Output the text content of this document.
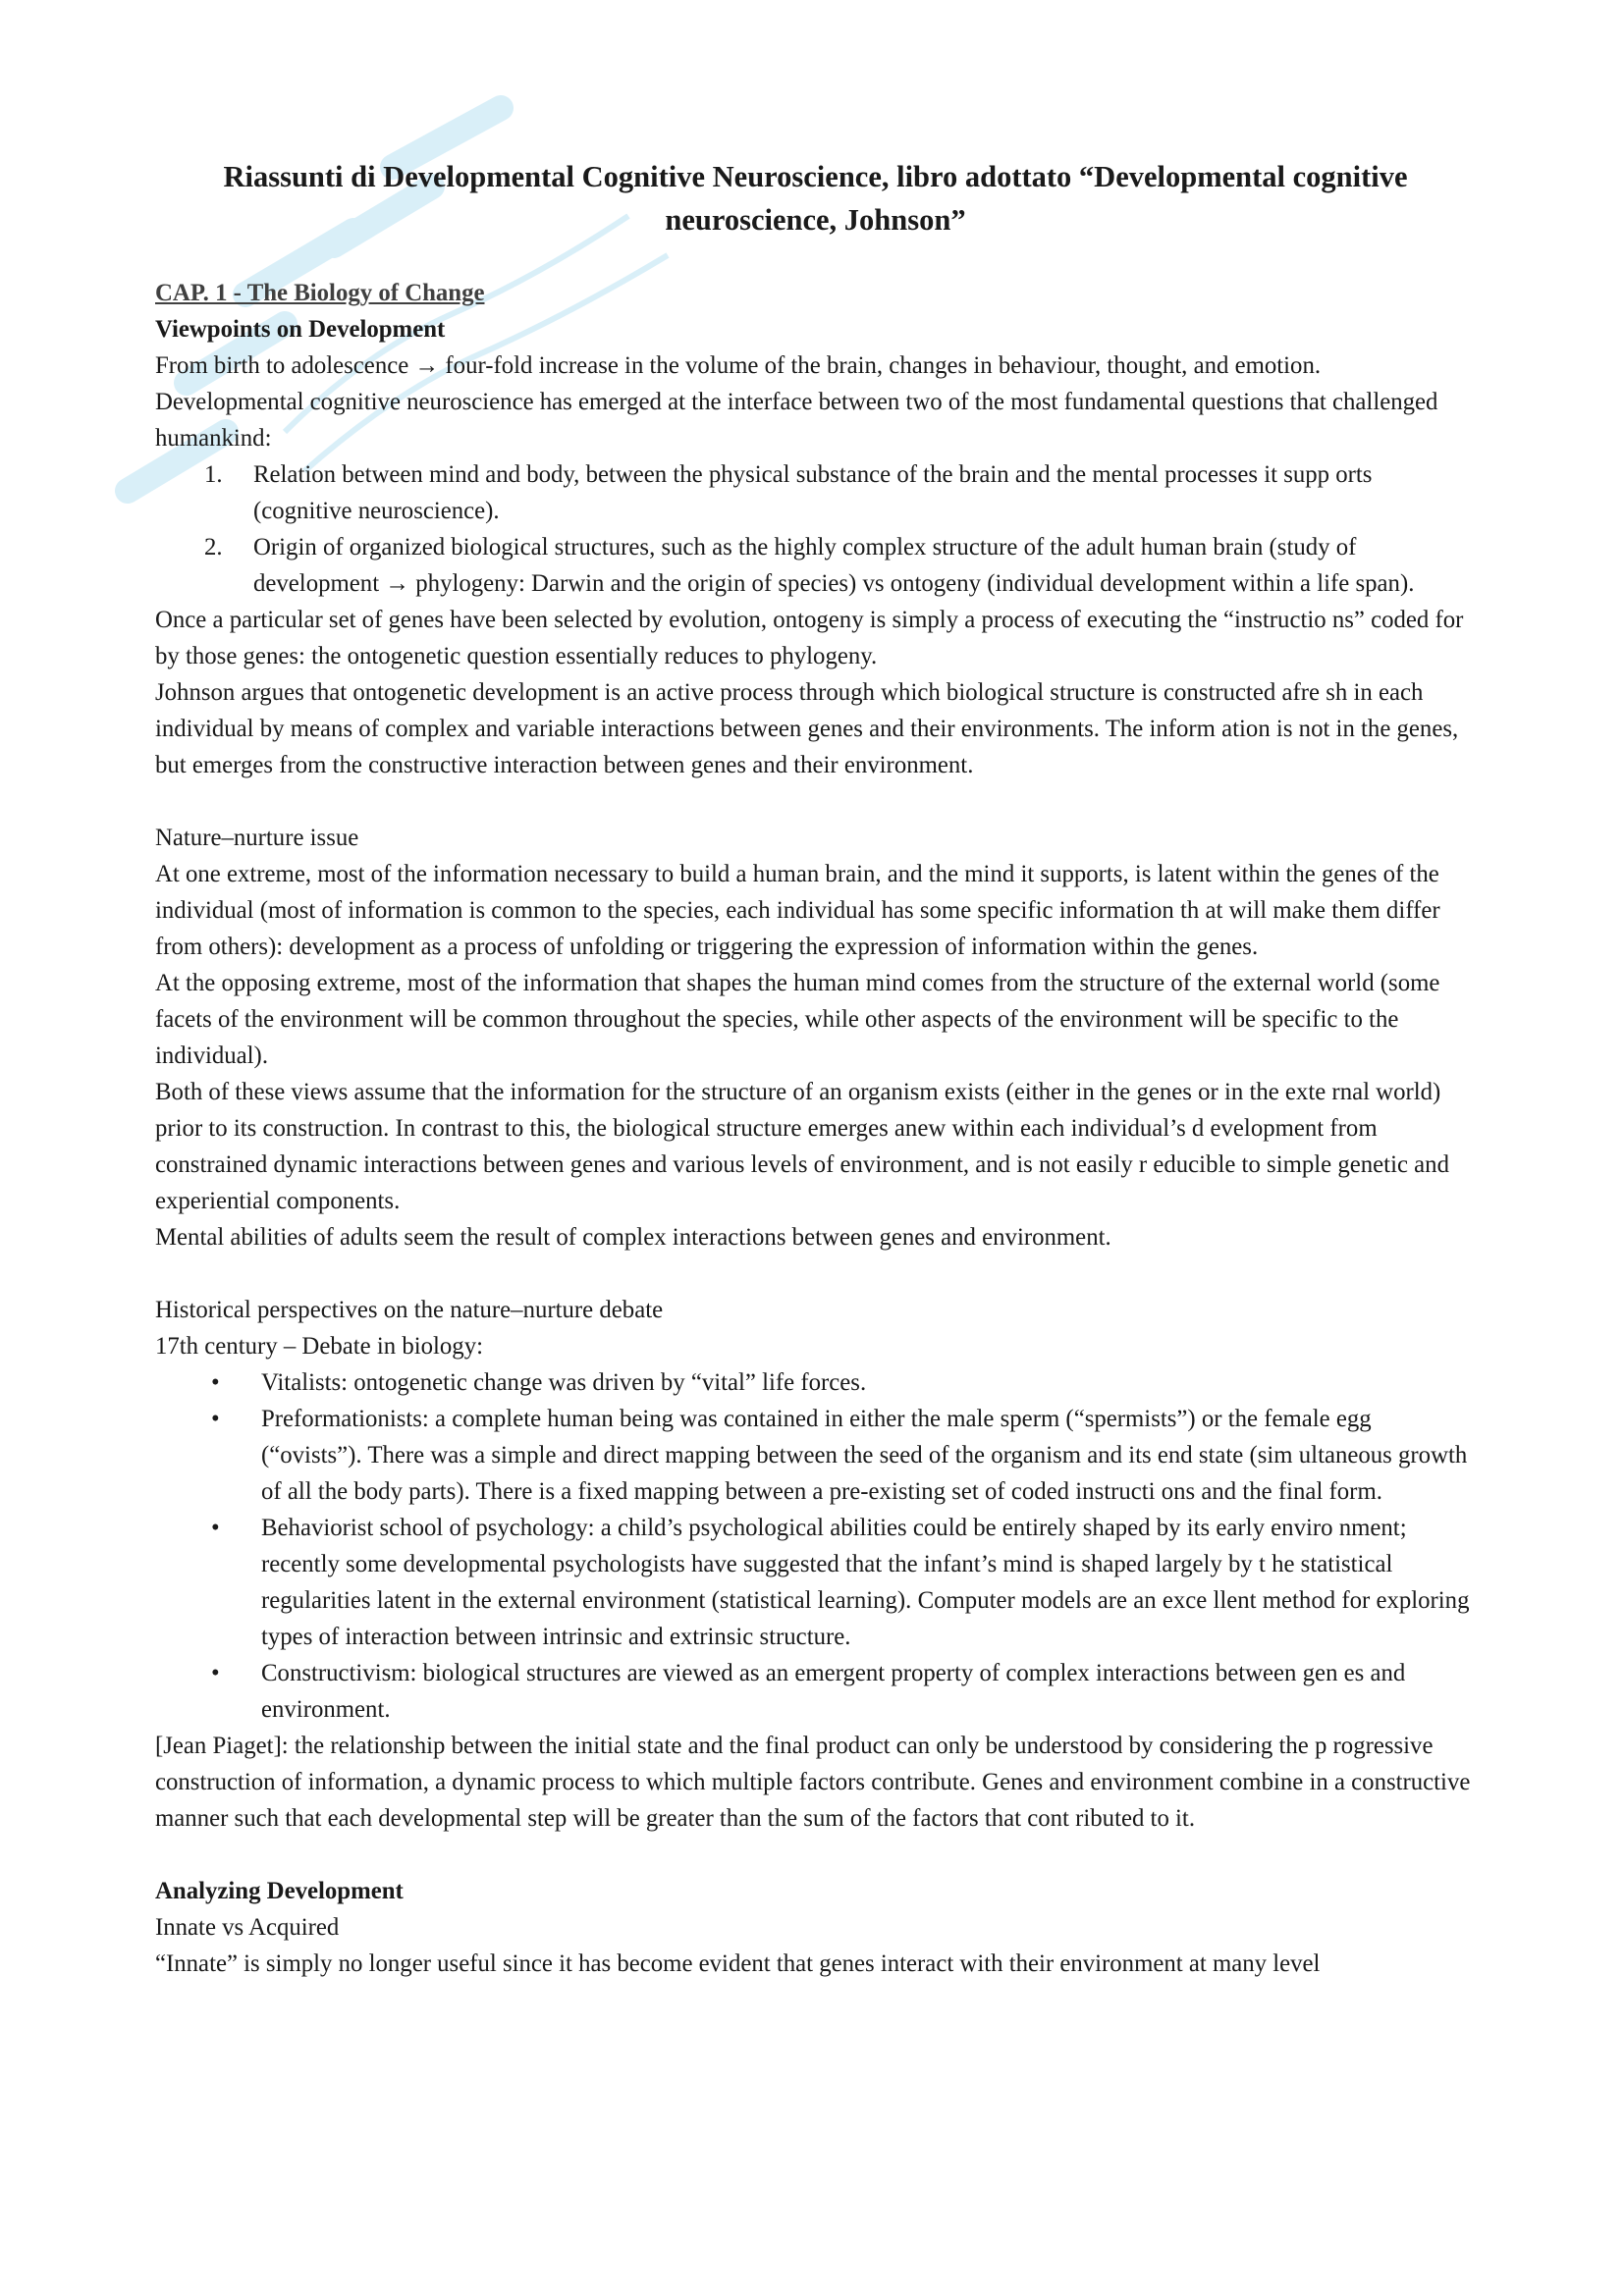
Riassunti di Developmental Cognitive Neuroscience, libro adottato “Developmental cognitive neuroscience, Johnson”

CAP. 1 - The Biology of Change

Viewpoints on Development

From birth to adolescence → four-fold increase in the volume of the brain, changes in behaviour, thought, and emotion.

Developmental cognitive neuroscience has emerged at the interface between two of the most fundamental questions that challenged humankind:

1. Relation between mind and body, between the physical substance of the brain and the mental processes it supp orts (cognitive neuroscience).
2. Origin of organized biological structures, such as the highly complex structure of the adult human brain (study of development → phylogeny: Darwin and the origin of species) vs ontogeny (individual development within a life span).

Once a particular set of genes have been selected by evolution, ontogeny is simply a process of executing the “instructio ns” coded for by those genes: the ontogenetic question essentially reduces to phylogeny.

Johnson argues that ontogenetic development is an active process through which biological structure is constructed afre sh in each individual by means of complex and variable interactions between genes and their environments. The inform ation is not in the genes, but emerges from the constructive interaction between genes and their environment.

Nature–nurture issue

At one extreme, most of the information necessary to build a human brain, and the mind it supports, is latent within the genes of the individual (most of information is common to the species, each individual has some specific information th at will make them differ from others): development as a process of unfolding or triggering the expression of information within the genes.

At the opposing extreme, most of the information that shapes the human mind comes from the structure of the external world (some facets of the environment will be common throughout the species, while other aspects of the environment will be specific to the individual).

Both of these views assume that the information for the structure of an organism exists (either in the genes or in the exte rnal world) prior to its construction. In contrast to this, the biological structure emerges anew within each individual’s d evelopment from constrained dynamic interactions between genes and various levels of environment, and is not easily r educible to simple genetic and experiential components.

Mental abilities of adults seem the result of complex interactions between genes and environment.

Historical perspectives on the nature–nurture debate

17th century – Debate in biology:

• Vitalists: ontogenetic change was driven by “vital” life forces.
• Preformationists: a complete human being was contained in either the male sperm (“spermists”) or the female egg (“ovists”). There was a simple and direct mapping between the seed of the organism and its end state (sim ultaneous growth of all the body parts). There is a fixed mapping between a pre-existing set of coded instructi ons and the final form.
• Behaviorist school of psychology: a child’s psychological abilities could be entirely shaped by its early enviro nment; recently some developmental psychologists have suggested that the infant’s mind is shaped largely by t he statistical regularities latent in the external environment (statistical learning). Computer models are an exce llent method for exploring types of interaction between intrinsic and extrinsic structure.
• Constructivism: biological structures are viewed as an emergent property of complex interactions between gen es and environment.

[Jean Piaget]: the relationship between the initial state and the final product can only be understood by considering the p rogressive construction of information, a dynamic process to which multiple factors contribute. Genes and environment combine in a constructive manner such that each developmental step will be greater than the sum of the factors that cont ributed to it.

Analyzing Development

Innate vs Acquired

“Innate” is simply no longer useful since it has become evident that genes interact with their environment at many level
